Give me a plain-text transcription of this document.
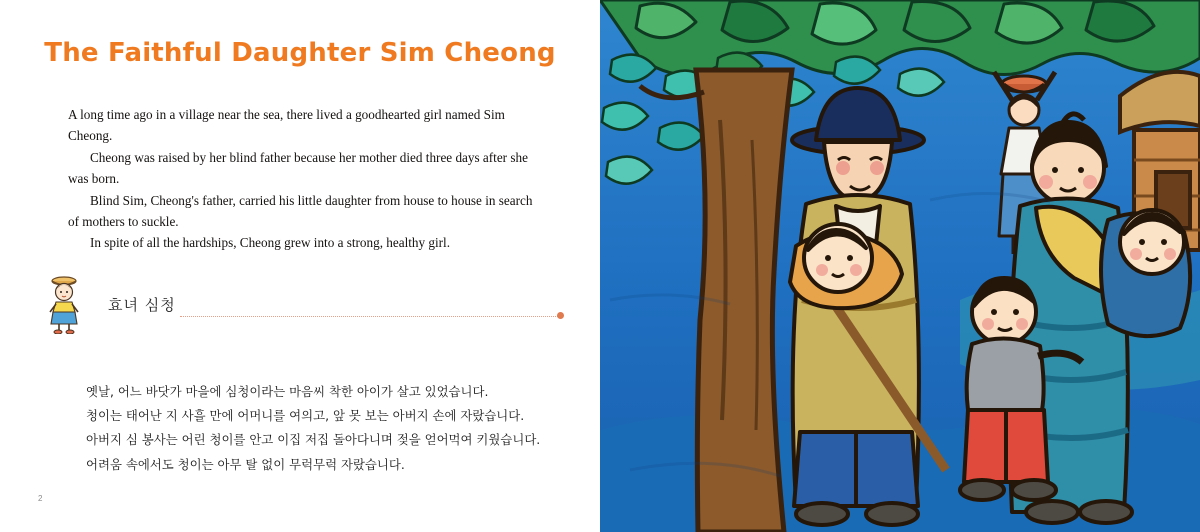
The Faithful Daughter Sim Cheong

A long time ago in a village near the sea, there lived a goodhearted girl named Sim Cheong.

Cheong was raised by her blind father because her mother died three days after she was born.

Blind Sim, Cheong's father, carried his little daughter from house to house in search of mothers to suckle.

In spite of all the hardships, Cheong grew into a strong, healthy girl.

효녀 심청

옛날, 어느 바닷가 마을에 심청이라는 마음씨 착한 아이가 살고 있었습니다.

청이는 태어난 지 사흘 만에 어머니를 여의고, 앞 못 보는 아버지 손에 자랐습니다.

아버지 심 봉사는 어린 청이를 안고 이집 저집 돌아다니며 젖을 얻어먹여 키웠습니다.

어려움 속에서도 청이는 아무 탈 없이 무럭무럭 자랐습니다.

2
